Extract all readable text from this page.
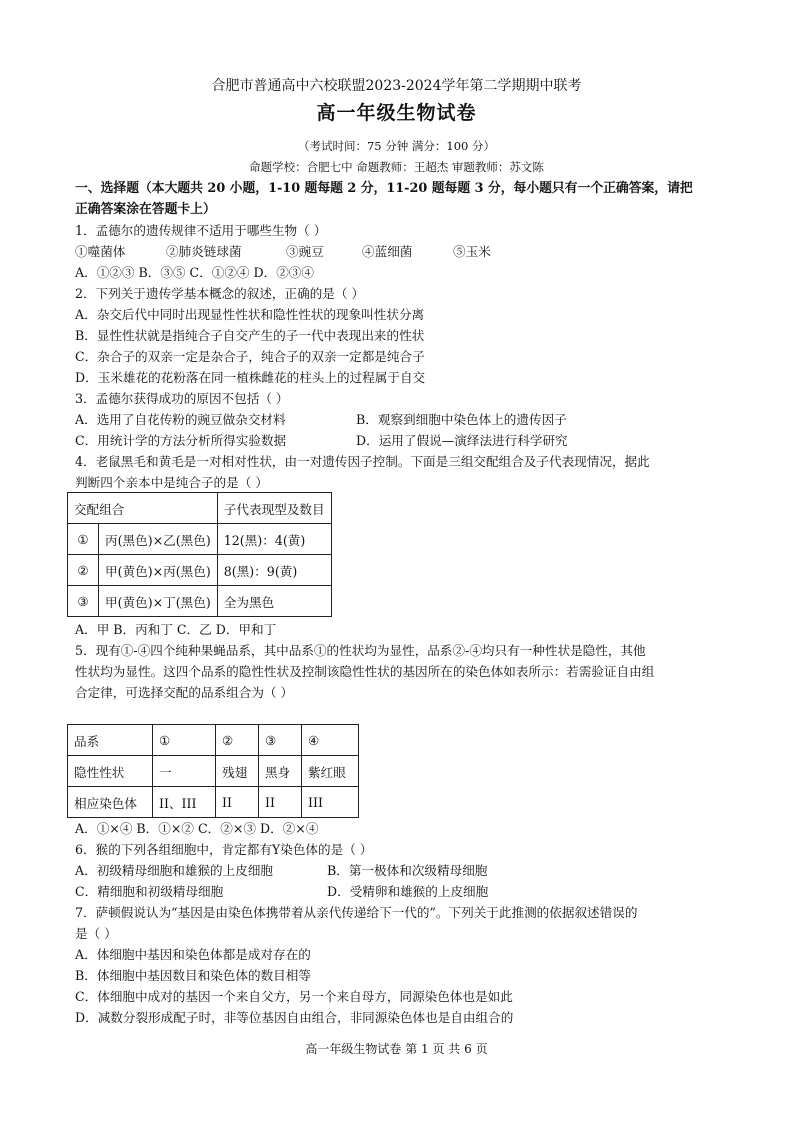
合肥市普通高中六校联盟2023-2024学年第二学期期中联考
高一年级生物试卷
（考试时间：75 分钟 满分：100 分）
命题学校：合肥七中 命题教师：王超杰 审题教师：苏文陈
一、选择题（本大题共 20 小题，1-10 题每题 2 分，11-20 题每题 3 分，每小题只有一个正确答案，请把
正确答案涂在答题卡上）
1．孟德尔的遗传规律不适用于哪些生物（ ）
①噬菌体	②肺炎链球菌	③豌豆	④蓝细菌	⑤玉米
A．①②③ B．③⑤ C．①②④ D．②③④
2．下列关于遗传学基本概念的叙述，正确的是（ ）
A．杂交后代中同时出现显性性状和隐性性状的现象叫性状分离
B．显性性状就是指纯合子自交产生的子一代中表现出来的性状
C．杂合子的双亲一定是杂合子，纯合子的双亲一定都是纯合子
D．玉米雄花的花粉落在同一植株雌花的柱头上的过程属于自交
3．孟德尔获得成功的原因不包括（ ）
A．选用了自花传粉的豌豆做杂交材料	B．观察到细胞中染色体上的遗传因子
C．用统计学的方法分析所得实验数据	D．运用了假说—演绎法进行科学研究
4．老鼠黑毛和黄毛是一对相对性状，由一对遗传因子控制。下面是三组交配组合及子代表现情况，据此
判断四个亲本中是纯合子的是（ ）
交配组合		子代表现型及数目
①	丙(黑色)×乙(黑色)	12(黑)：4(黄)
②	甲(黄色)×丙(黑色)	8(黑)：9(黄)
③	甲(黄色)×丁(黑色)	全为黑色
A．甲 B．丙和丁 C．乙 D．甲和丁
5．现有①-④四个纯种果蝇品系，其中品系①的性状均为显性，品系②-④均只有一种性状是隐性，其他
性状均为显性。这四个品系的隐性性状及控制该隐性性状的基因所在的染色体如表所示：若需验证自由组
合定律，可选择交配的品系组合为（ ）
品系	①	②	③	④
隐性性状	一	残翅	黑身	紫红眼
相应染色体	II、III	II	II	III
A．①×④ B．①×② C．②×③ D．②×④
6．猴的下列各组细胞中，肯定都有Y染色体的是（ ）
A．初级精母细胞和雄猴的上皮细胞	B．第一极体和次级精母细胞
C．精细胞和初级精母细胞	D．受精卵和雄猴的上皮细胞
7．萨顿假说认为“基因是由染色体携带着从亲代传递给下一代的”。下列关于此推测的依据叙述错误的
是（ ）
A．体细胞中基因和染色体都是成对存在的
B．体细胞中基因数目和染色体的数目相等
C．体细胞中成对的基因一个来自父方，另一个来自母方，同源染色体也是如此
D．减数分裂形成配子时，非等位基因自由组合，非同源染色体也是自由组合的
高一年级生物试卷 第 1 页 共 6 页
